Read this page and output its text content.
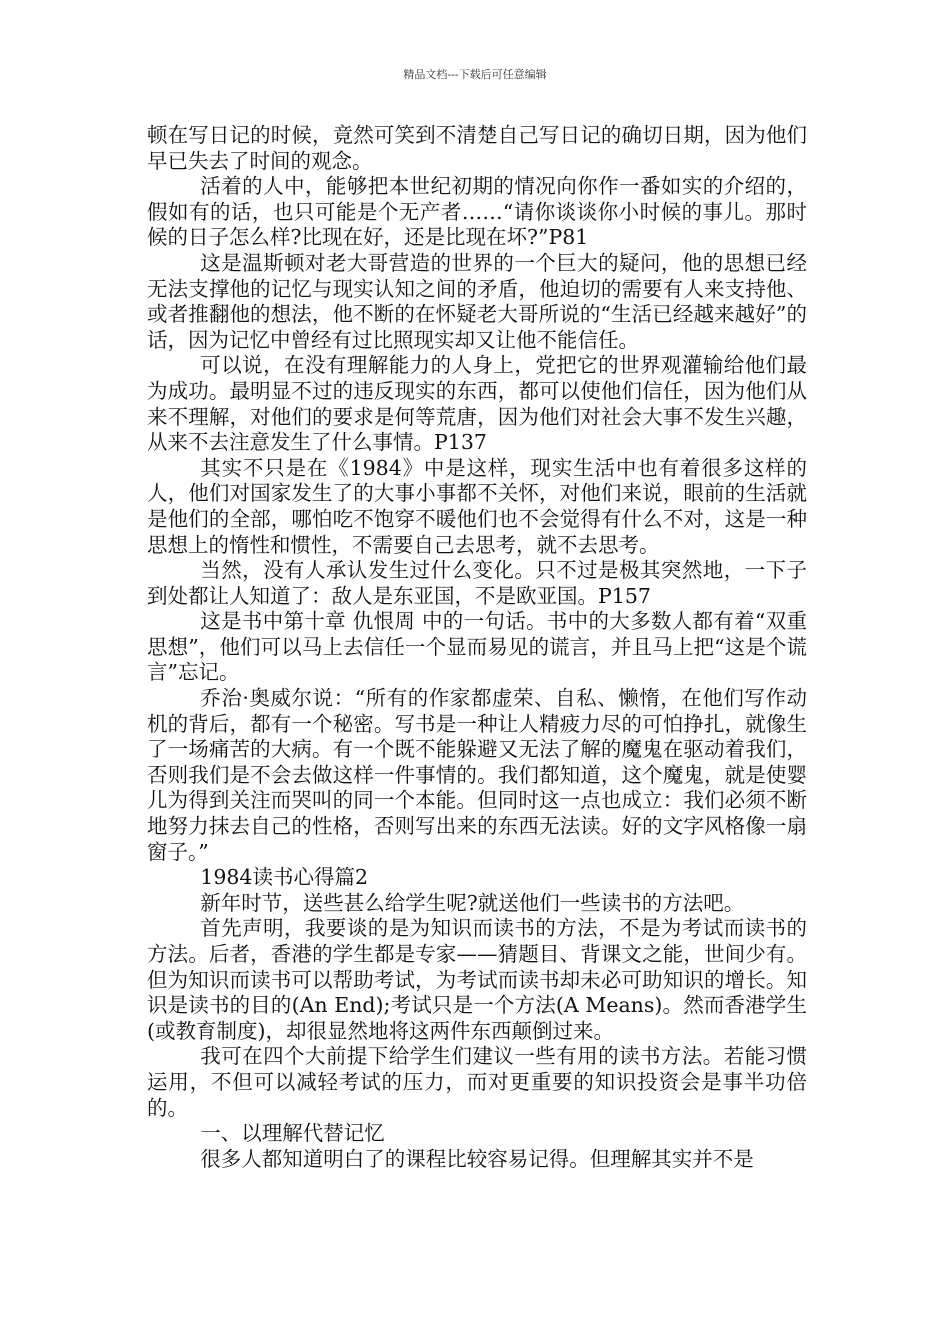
精品文档---下载后可任意编辑

顿在写日记的时候，竟然可笑到不清楚自己写日记的确切日期，因为他们早已失去了时间的观念。

活着的人中，能够把本世纪初期的情况向你作一番如实的介绍的，假如有的话，也只可能是个无产者……“请你谈谈你小时候的事儿。那时候的日子怎么样?比现在好，还是比现在坏?”P81

这是温斯顿对老大哥营造的世界的一个巨大的疑问，他的思想已经无法支撑他的记忆与现实认知之间的矛盾，他迫切的需要有人来支持他、或者推翻他的想法，他不断的在怀疑老大哥所说的“生活已经越来越好”的话，因为记忆中曾经有过比照现实却又让他不能信任。

可以说，在没有理解能力的人身上，党把它的世界观灌输给他们最为成功。最明显不过的违反现实的东西，都可以使他们信任，因为他们从来不理解，对他们的要求是何等荒唐，因为他们对社会大事不发生兴趣，从来不去注意发生了什么事情。P137

其实不只是在《1984》中是这样，现实生活中也有着很多这样的人，他们对国家发生了的大事小事都不关怀，对他们来说，眼前的生活就是他们的全部，哪怕吃不饱穿不暖他们也不会觉得有什么不对，这是一种思想上的惰性和惯性，不需要自己去思考，就不去思考。

当然，没有人承认发生过什么变化。只不过是极其突然地，一下子到处都让人知道了：敌人是东亚国，不是欧亚国。P157

这是书中第十章 仇恨周 中的一句话。书中的大多数人都有着“双重思想”，他们可以马上去信任一个显而易见的谎言，并且马上把“这是个谎言”忘记。

乔治·奥威尔说：“所有的作家都虚荣、自私、懒惰，在他们写作动机的背后，都有一个秘密。写书是一种让人精疲力尽的可怕挣扎，就像生了一场痛苦的大病。有一个既不能躲避又无法了解的魔鬼在驱动着我们，否则我们是不会去做这样一件事情的。我们都知道，这个魔鬼，就是使婴儿为得到关注而哭叫的同一个本能。但同时这一点也成立：我们必须不断地努力抹去自己的性格，否则写出来的东西无法读。好的文字风格像一扇窗子。”

1984读书心得篇2

新年时节，送些甚么给学生呢?就送他们一些读书的方法吧。

首先声明，我要谈的是为知识而读书的方法，不是为考试而读书的方法。后者，香港的学生都是专家——猜题目、背课文之能，世间少有。但为知识而读书可以帮助考试，为考试而读书却未必可助知识的增长。知识是读书的目的(An End);考试只是一个方法(A Means)。然而香港学生(或教育制度)，却很显然地将这两件东西颠倒过来。

我可在四个大前提下给学生们建议一些有用的读书方法。若能习惯运用，不但可以减轻考试的压力，而对更重要的知识投资会是事半功倍的。

一、以理解代替记忆

很多人都知道明白了的课程比较容易记得。但理解其实并不是
